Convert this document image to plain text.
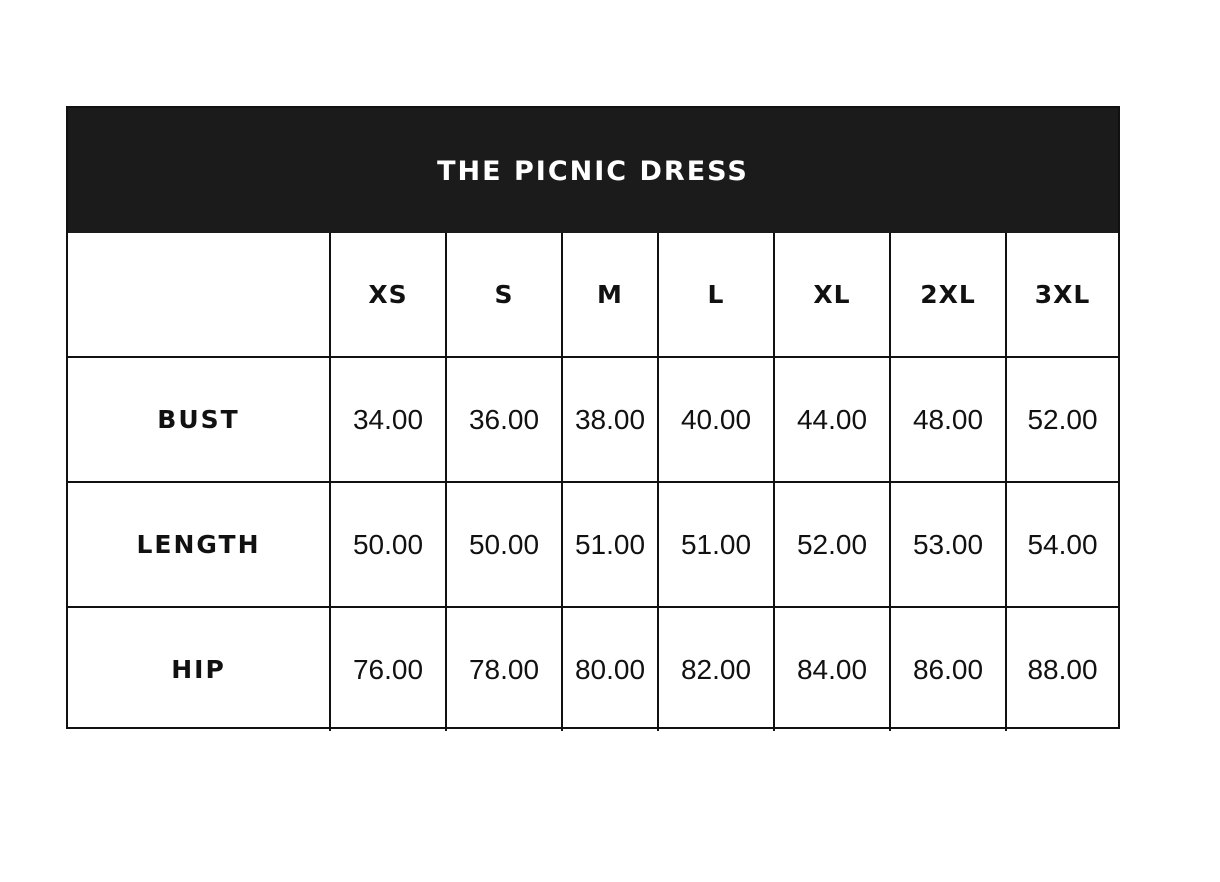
THE PICNIC DRESS
	XS	S	M	L	XL	2XL	3XL
BUST	34.00	36.00	38.00	40.00	44.00	48.00	52.00
LENGTH	50.00	50.00	51.00	51.00	52.00	53.00	54.00
HIP	76.00	78.00	80.00	82.00	84.00	86.00	88.00
